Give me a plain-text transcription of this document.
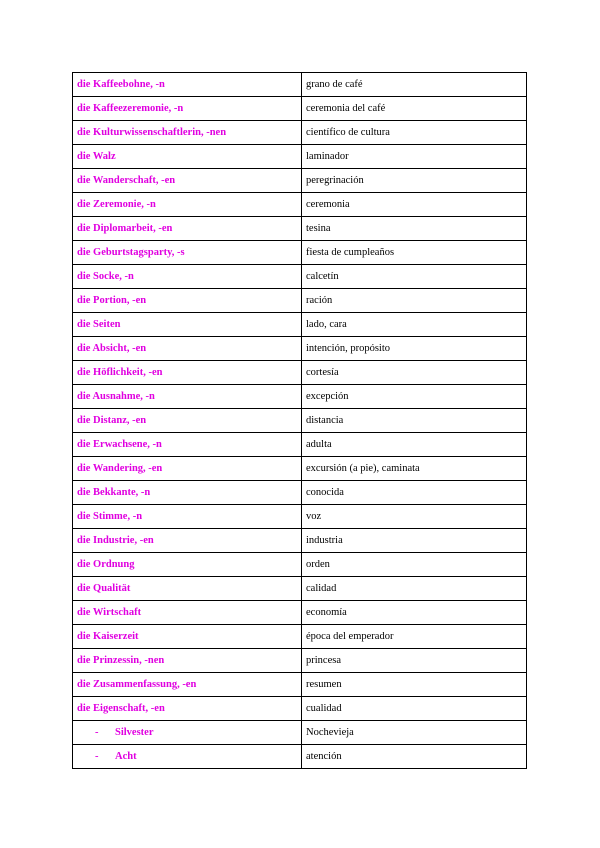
die Kaffeebohne, -n	grano de café
die Kaffeezeremonie, -n	ceremonia del café
die Kulturwissenschaftlerin, -nen	científico de cultura
die Walz	laminador
die Wanderschaft, -en	peregrinación
die Zeremonie, -n	ceremonia
die Diplomarbeit, -en	tesina
die Geburtstagsparty, -s	fiesta de cumpleaños
die Socke, -n	calcetín
die Portion, -en	ración
die Seiten	lado, cara
die Absicht, -en	intención, propósito
die Höflichkeit, -en	cortesía
die Ausnahme, -n	excepción
die Distanz, -en	distancia
die Erwachsene, -n	adulta
die Wandering, -en	excursión (a pie), caminata
die Bekkante, -n	conocida
die Stimme, -n	voz
die Industrie, -en	industria
die Ordnung	orden
die Qualität	calidad
die Wirtschaft	economía
die Kaiserzeit	época del emperador
die Prinzessin, -nen	princesa
die Zusammenfassung, -en	resumen
die Eigenschaft, -en	cualidad
- Silvester	Nochevieja
- Acht	atención
